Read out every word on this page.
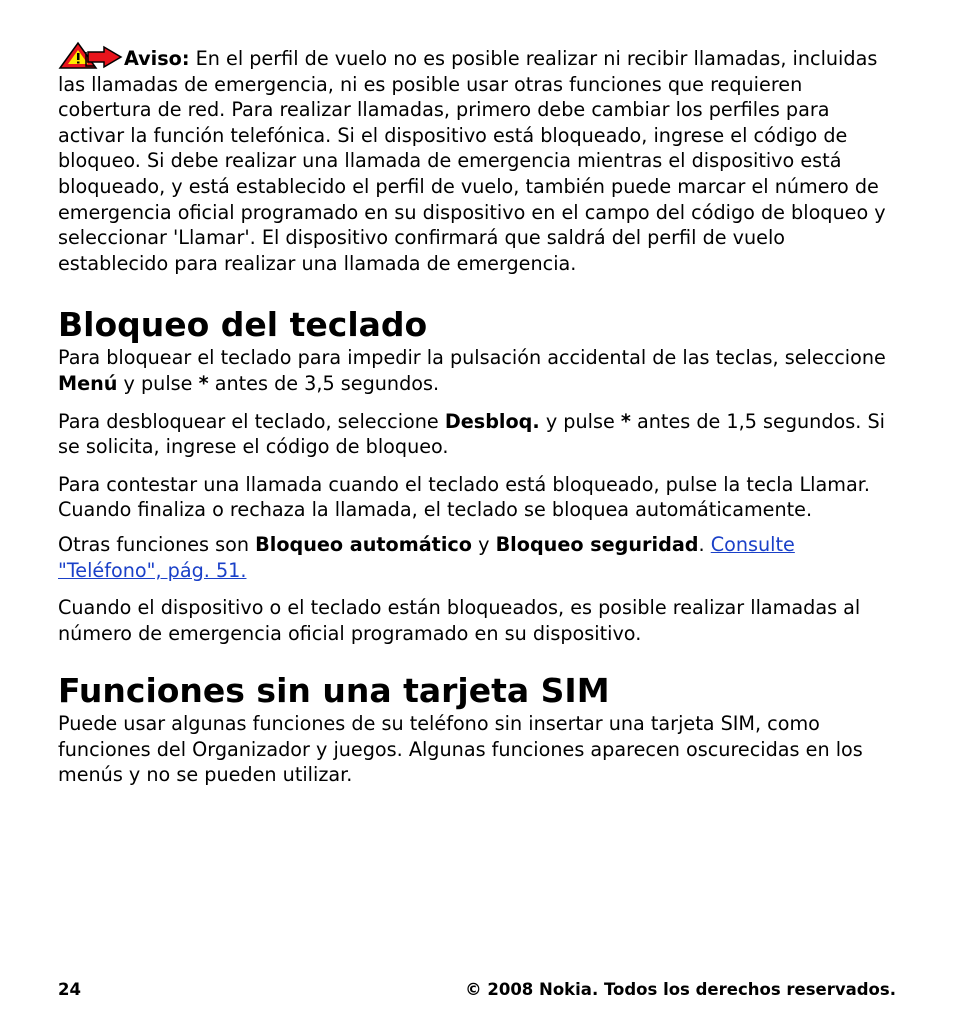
Aviso: En el perfil de vuelo no es posible realizar ni recibir llamadas, incluidas las llamadas de emergencia, ni es posible usar otras funciones que requieren cobertura de red. Para realizar llamadas, primero debe cambiar los perfiles para activar la función telefónica. Si el dispositivo está bloqueado, ingrese el código de bloqueo. Si debe realizar una llamada de emergencia mientras el dispositivo está bloqueado, y está establecido el perfil de vuelo, también puede marcar el número de emergencia oficial programado en su dispositivo en el campo del código de bloqueo y seleccionar 'Llamar'. El dispositivo confirmará que saldrá del perfil de vuelo establecido para realizar una llamada de emergencia.

Bloqueo del teclado

Para bloquear el teclado para impedir la pulsación accidental de las teclas, seleccione Menú y pulse * antes de 3,5 segundos.

Para desbloquear el teclado, seleccione Desbloq. y pulse * antes de 1,5 segundos. Si se solicita, ingrese el código de bloqueo.

Para contestar una llamada cuando el teclado está bloqueado, pulse la tecla Llamar. Cuando finaliza o rechaza la llamada, el teclado se bloquea automáticamente.

Otras funciones son Bloqueo automático y Bloqueo seguridad. Consulte "Teléfono", pág. 51.

Cuando el dispositivo o el teclado están bloqueados, es posible realizar llamadas al número de emergencia oficial programado en su dispositivo.

Funciones sin una tarjeta SIM

Puede usar algunas funciones de su teléfono sin insertar una tarjeta SIM, como funciones del Organizador y juegos. Algunas funciones aparecen oscurecidas en los menús y no se pueden utilizar.

24	© 2008 Nokia. Todos los derechos reservados.
